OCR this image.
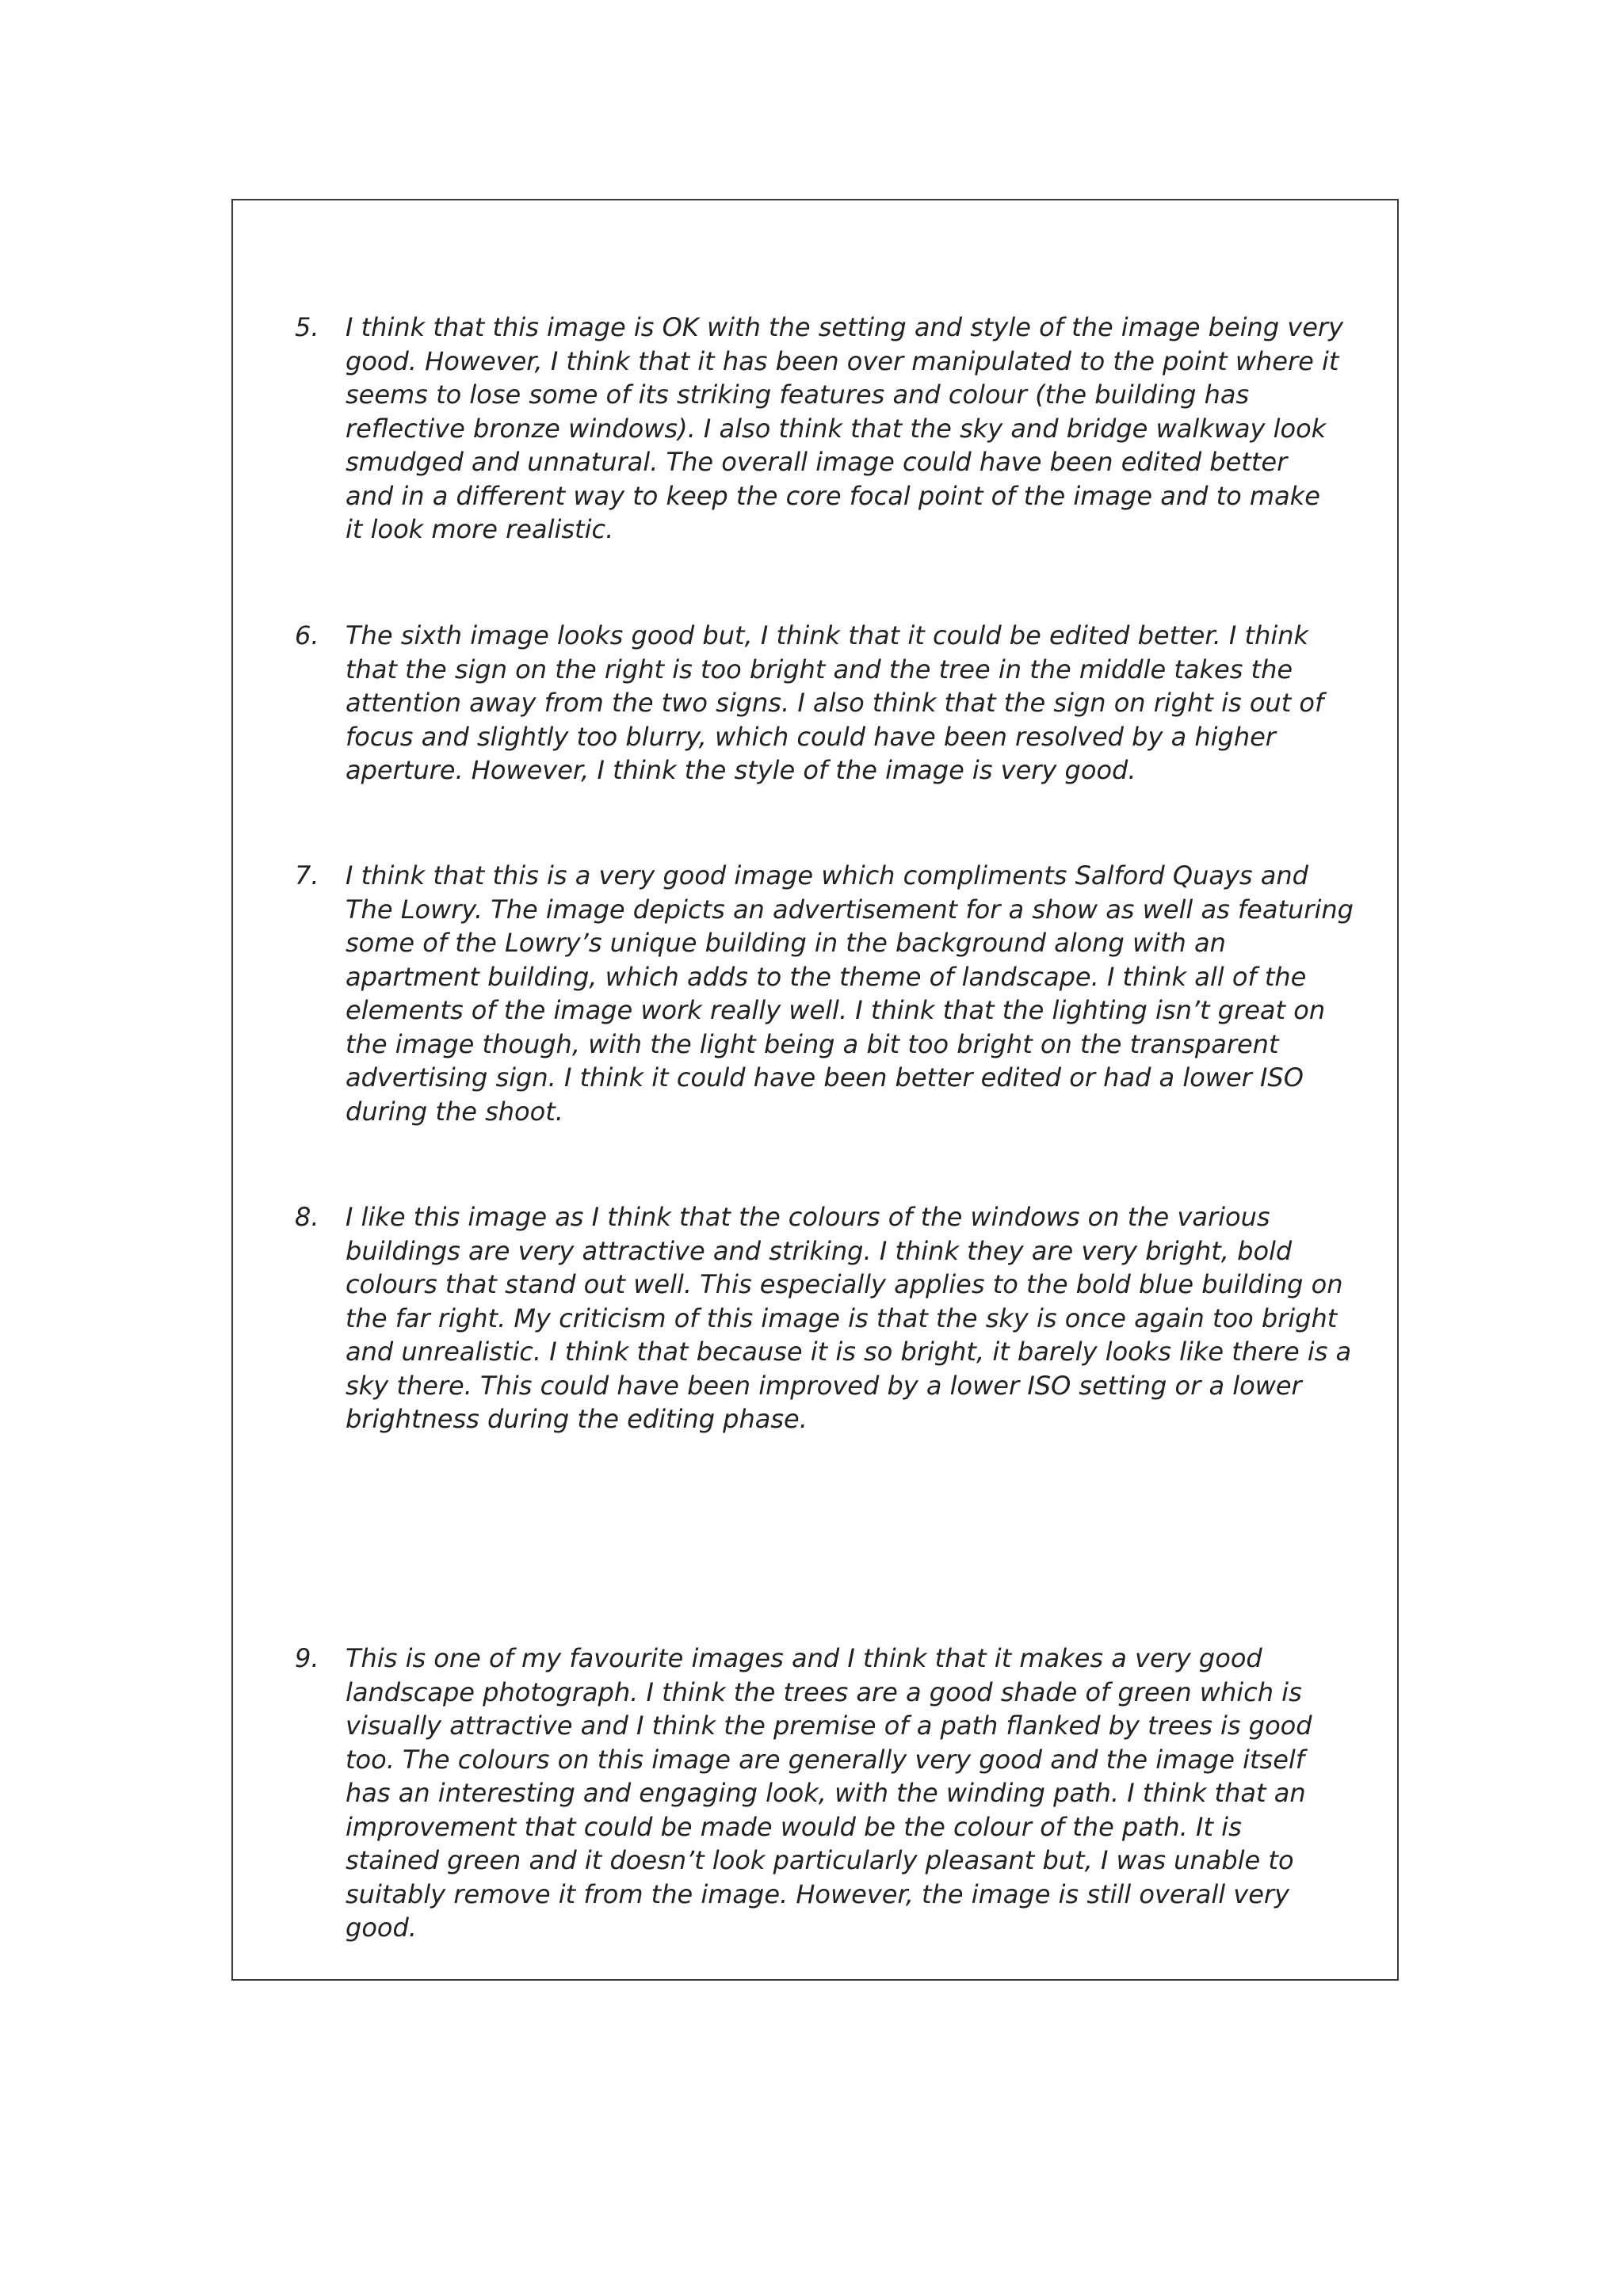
5.	I think that this image is OK with the setting and style of the image being very
good. However, I think that it has been over manipulated to the point where it
seems to lose some of its striking features and colour (the building has
reflective bronze windows). I also think that the sky and bridge walkway look
smudged and unnatural. The overall image could have been edited better
and in a different way to keep the core focal point of the image and to make
it look more realistic.
6.	The sixth image looks good but, I think that it could be edited better. I think
that the sign on the right is too bright and the tree in the middle takes the
attention away from the two signs. I also think that the sign on right is out of
focus and slightly too blurry, which could have been resolved by a higher
aperture. However, I think the style of the image is very good.
7.	I think that this is a very good image which compliments Salford Quays and
The Lowry. The image depicts an advertisement for a show as well as featuring
some of the Lowry’s unique building in the background along with an
apartment building, which adds to the theme of landscape. I think all of the
elements of the image work really well. I think that the lighting isn’t great on
the image though, with the light being a bit too bright on the transparent
advertising sign. I think it could have been better edited or had a lower ISO
during the shoot.
8.	I like this image as I think that the colours of the windows on the various
buildings are very attractive and striking. I think they are very bright, bold
colours that stand out well. This especially applies to the bold blue building on
the far right. My criticism of this image is that the sky is once again too bright
and unrealistic. I think that because it is so bright, it barely looks like there is a
sky there. This could have been improved by a lower ISO setting or a lower
brightness during the editing phase.
9.	This is one of my favourite images and I think that it makes a very good
landscape photograph. I think the trees are a good shade of green which is
visually attractive and I think the premise of a path flanked by trees is good
too. The colours on this image are generally very good and the image itself
has an interesting and engaging look, with the winding path. I think that an
improvement that could be made would be the colour of the path. It is
stained green and it doesn’t look particularly pleasant but, I was unable to
suitably remove it from the image. However, the image is still overall very
good.
